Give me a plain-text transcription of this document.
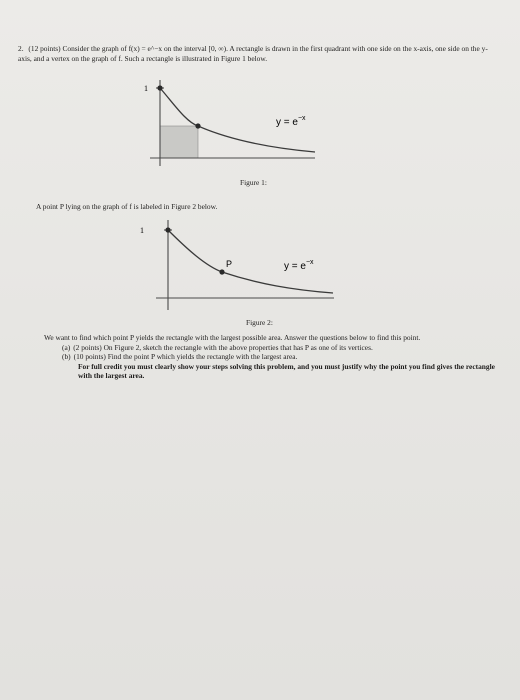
2. (12 points) Consider the graph of f(x) = e^−x on the interval [0, ∞). A rectangle is drawn in the first quadrant with one side on the x-axis, one side on the y-axis, and a vertex on the graph of f. Such a rectangle is illustrated in Figure 1 below.
1
$y = e^{-x}$
Figure 1:
A point P lying on the graph of f is labeled in Figure 2 below.
1
P	$y = e^{-x}$
Figure 2:

We want to find which point P yields the rectangle with the largest possible area. Answer the questions below to find this point.

(a) (2 points) On Figure 2, sketch the rectangle with the above properties that has P as one of its vertices.

(b) (10 points) Find the point P which yields the rectangle with the largest area.

For full credit you must clearly show your steps solving this problem, and you must justify why the point you find gives the rectangle with the largest area.
